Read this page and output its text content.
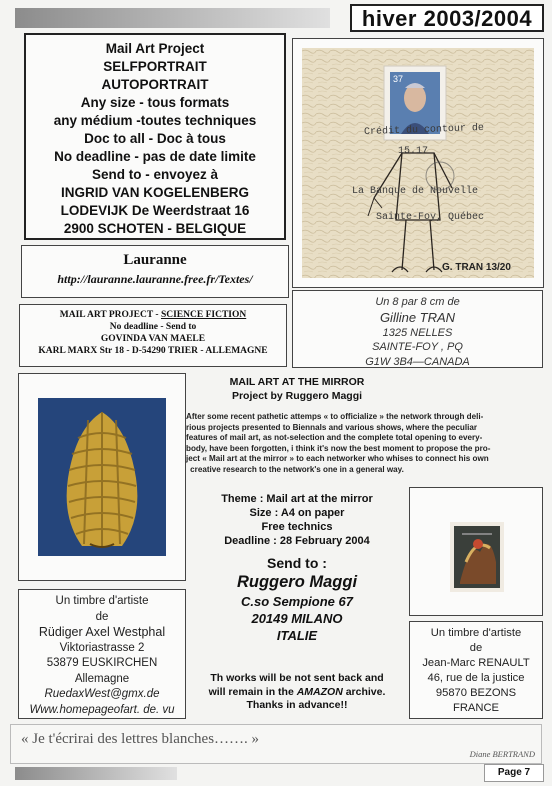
hiver 2003/2004
Mail Art Project
SELFPORTRAIT
AUTOPORTRAIT
Any size - tous formats
any médium -toutes techniques
Doc to all - Doc à tous
No deadline - pas de date limite
Send to - envoyez à
INGRID VAN KOGELENBERG
LODEVIJK De Weerdstraat 16
2900 SCHOTEN - BELGIQUE
Crédit du contour de
15.17
La Banque de Nouvelle
Sainte-Foy, Québec
37
G. TRAN 13/20
Lauranne
http://lauranne.lauranne.free.fr/Textes/
MAIL ART PROJECT - SCIENCE FICTION
No deadline - Send to
GOVINDA VAN MAELE
KARL MARX Str 18 - D-54290 TRIER - ALLEMAGNE
Un 8 par 8 cm de
Gilline TRAN
1325 NELLES
SAINTE-FOY , PQ
G1W 3B4—CANADA
MAIL ART AT THE MIRROR
Project by Ruggero Maggi
After some recent pathetic attemps « to officialize » the network through deli-
rious projects presented to Biennals and various shows, where the peculiar
features of mail art, as not-selection and the complete total opening to every-
body, have been forgotten, i think it's now the best moment to propose the pro-
ject « Mail art at the mirror » to each networker who whises to connect his own
creative research to the network's one in a general way.
Theme : Mail art at the mirror
Size : A4 on paper
Free technics
Deadline : 28 February 2004
Send to :
Ruggero Maggi
C.so Sempione 67
20149 MILANO
ITALIE
Th works will be not sent back and
will remain in the AMAZON archive.
Thanks in advance!!
Un timbre d'artiste
de
Rüdiger Axel Westphal
Viktoriastrasse 2
53879 EUSKIRCHEN
Allemagne
RuedaxWest@gmx.de
Www.homepageofart. de. vu
Un timbre d'artiste
de
Jean-Marc RENAULT
46, rue de la justice
95870 BEZONS
FRANCE
« Je t'écrirai des lettres blanches……. »
Diane BERTRAND
Page 7
